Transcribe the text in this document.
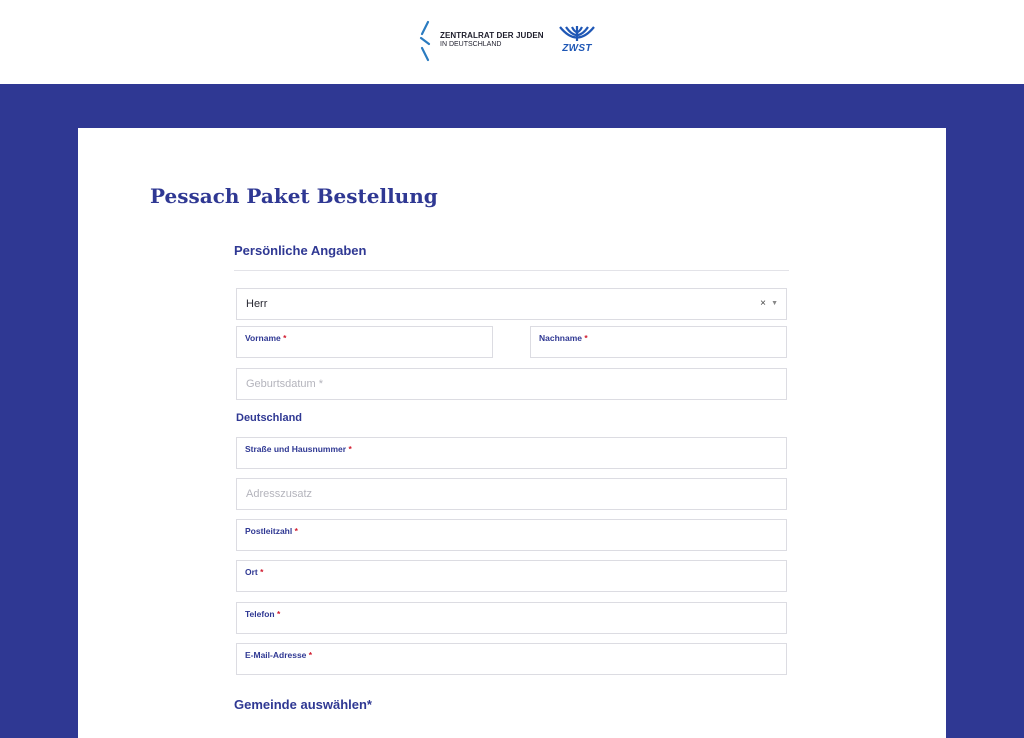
ZENTRALRAT DER JUDEN
IN DEUTSCHLAND	ZWST
Pessach Paket Bestellung
Persönliche Angaben
Herr	× ▼
Vorname *	Nachname *
Geburtsdatum *
Deutschland
Straße und Hausnummer *
Adresszusatz
Postleitzahl *
Ort *
Telefon *
E-Mail-Adresse *
Gemeinde auswählen*
